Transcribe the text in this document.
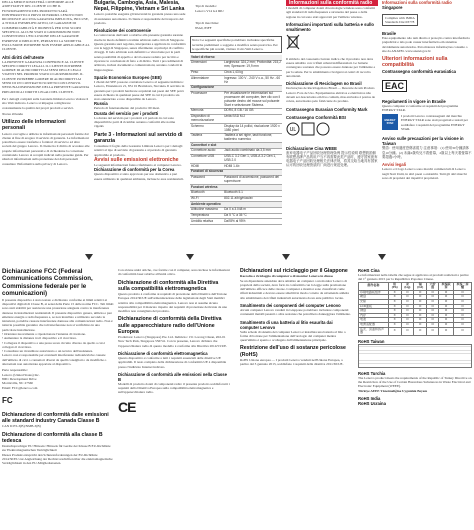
DELLA MERCE RISULTERÀ CONFORME ALLE ASPETTATIVE DEL CLIENTE O CHE IL FUNZIONAMENTO DEL PRODOTTO SARÀ ININTERROTTO O PRIVO DI ERRORI. LENOVO NON RICONOSCE ALCUNA GARANZIA IMPLICITA, INCLUSE, A TITOLO ESEMPLIFICATIVO, LE GARANZIE DI COMMERCIABILITÀ E IDONEITÀ PER UNO SCOPO SPECIFICO. ALCUNI STATI O GIURISDIZIONI NON CONSENTONO L'ESCLUSIONE DELLE GARANZIE ESPRESSE O IMPLICITE, PERTANTO LA SUDDETTA ESCLUSIONE POTREBBE NON ESSERE APPLICABILE AL CLIENTE.

Altri diritti dell'utente

LA PRESENTE GARANZIA CONFERISCE AL CLIENTE SPECIFICI DIRITTI LEGALI. IL CLIENTE POTREBBE GODERE DI ALTRI DIRITTI AI SENSI DELLE LEGGI VIGENTI NEL PROPRIO STATO O GIURISDIZIONE. IL CLIENTE POTREBBE GODERE DI ALTRI DIRITTI AI SENSI DI UN CONTRATTO SCRITTO CON LENOVO. NESSUNA DISPOSIZIONE DELLA PRESENTE GARANZIA PREGIUDICA I DIRITTI LEGALI DEL CLIENTE.

Per i dettagli completi sulla Garanzia limitata Lenovo visitare il sito Web indicato. Lenovo si impegna a migliorare costantemente la qualità dei propri prodotti e servizi.

Nuova Zelanda

Utilizzo delle informazioni personali

Lenovo raccoglie e utilizza le informazioni personali fornite dal cliente al fine di erogare il servizio di garanzia. Le informazioni potrebbero essere trasferite a fornitori di servizi e ad altre società del gruppo Lenovo. Il cliente ha il diritto di accedere alle proprie informazioni personali e di richiederne la correzione contattando Lenovo ai recapiti indicati nella presente guida. Per ulteriori informazioni sulla protezione dei dati personali consultare l'Informativa sulla privacy di Lenovo.

Bulgaria, Cambogia, Asia, Malesia, Nepal, Filippine, Vietnam e Sri Lanka

Lenovo potrebbe eseguire gli interventi in garanzia presso una sede di assistenza autorizzata. Il cliente è responsabile del trasporto del prodotto.

Risoluzione dei controversie

Le controversie derivanti o relative alla presente garanzia saranno risolte in modo definitivo tramite arbitrato nella città di Singapore. Questa garanzia sarà regolata, interpretata e applicata in conformità con le leggi di Singapore, senza riferimento ai principi di conflitto di leggi. Il lodo arbitrale sarà definitivo e vincolante per le parti senza possibilità di appello e dovrà essere redatto per iscritto e riportare le conclusioni di fatto e di diritto. Tutti i procedimenti di arbitrato, inclusi documenti e comunicazioni, saranno condotti in lingua inglese.

Spazio Economico Europeo (SEE)

I clienti del SEE possono contattare Lenovo al seguente indirizzo: Lenovo, Einsteinova 21, 851 01 Bratislava, Slovakia. Il servizio in garanzia per i prodotti hardware acquistati nei paesi del SEE potrà essere richiesto in qualsiasi paese del SEE in cui il prodotto sia stato annunciato e reso disponibile da Lenovo.

Russia

Periodo di funzionamento del prodotto: 60 mesi.

Durata del servizio per i prodotti

La durata del servizio per i prodotti e il periodo in cui sono disponibili le parti di ricambio saranno conformi alle norme vigenti.

Parte 3 - Informazioni sul servizio di garanzia

Consultare il foglio della Garanzia Limitata Lenovo per i dettagli relativi al tipo di servizio di garanzia e al periodo di garanzia applicabile al prodotto.

Avvisi sulle emissioni elettroniche

Le seguenti informazioni fanno riferimento ai computer Lenovo.

Dichiarazione di conformità per la Corea

Questo dispositivo è stato approvato per uso domestico e può essere utilizzato in qualsiasi ambiente, incluse le aree residenziali.

Tipi di modello:
Lenovo V14 G4 IRU

Tipi di macchina:
83A0, 83FF

Nota: Le seguenti specifiche potrebbero includere specifiche tecniche preliminari o soggette a modifica senza preavviso. Per le specifiche più recenti, visitare il sito Web Lenovo.

Valori di ritorno	
Dimensioni	Larghezza: 324,2 mm; Profondità: 215,2 mm; Spessore: 19,9 mm
Peso	Circa 1,43 kg
Alimentatore	Ingresso: 100 V - 240 V c.a., 50 Hz - 60 Hz
Configurazione	
Processore	Per visualizzare le informazioni sul processore del computer, fare clic con il pulsante destro del mouse sul pulsante Start e selezionare Sistema.
Memoria	DDR4, 8 GB / 16 GB
Dispositivo di memorizzazione	Unità SSD M.2
Schermo	Display da 14 pollici, risoluzione 1920 x 1080 pixel
Tastiera	Tastiera a sei righe, tasti funzione, tastierino numerico
Connettori e slot	
Connettore audio	Jack audio combinato da 3,5 mm
Connettore USB	USB-C 3.2 Gen 1, USB-A 3.2 Gen 1, USB 2.0
HDMI	HDMI 1.4b
Funzioni di sicurezza	
Password	Password di accensione, password del supervisore
Funzioni wireless	
Bluetooth	Bluetooth 5.1
Wi-Fi	802.11 a/b/g/n/ac/ax
Ambiente operativo	
Altitudine massima	Da 0 a 3.048 m
Temperatura	Da 5 °C a 35 °C
Umidità relativa	Dall'8% al 95%
Informazioni sulla conformità radio

I modelli di computer dotati di tecnologie wireless sono conformi agli standard di radiofrequenza e sicurezza del paese o della regione in cui sono stati approvati per l'utilizzo wireless.

Informazioni importanti sulla batteria e sullo smaltimento

Il simbolo del cassonetto barrato indica che il prodotto non deve essere smaltito con i rifiuti urbani indifferenziati. Le batterie contengono sostanze che possono essere dannose per l'ambiente e per la salute. Per lo smaltimento rivolgersi ai centri di raccolta autorizzati.

Dichiarazione di Reciclagem no Brasil

Declarações de Reciclagem no Brasil — Descarte de um Produto Lenovo Fora de Uso. Equipamentos elétricos e eletrônicos não devem ser descartados em lixo comum, mas enviados à pontos de coleta, autorizados pelo fabricante do produto.

Contrassegno Eurasian Conformity Mark

Contrassegno Conformità BSI

UL

Dichiarazione Cina WEEE

废弃电器电子产品回收处理管理条例 提示性说明 联想鼓励拥有联想品牌产品的用户当不再需要此类产品时，遵守国家废弃电器电子产品回收处理相关法律法规，将其交给当地具有国家认可的回收处理资质的厂商进行规范处理。

Informazioni sulla conformità radio

Singapore

Complies with IMDA Standards DA103778

Brasile

Este equipamento não tem direito à proteção contra interferência prejudicial e não pode causar interferência em sistemas devidamente autorizados. Para maiores informações consulte o site da ANATEL www.anatel.gov.br

Ulteriori informazioni sulla compatibilità

Contrassegno conformità eurasiatica

EAC

Regolamenti in vigore in Brasile

Questo computer è conforme ai requisiti del programma ENERGY STAR.

ENERGY STAR

I prodotti Lenovo contrassegnati dal marchio ENERGY STAR sono stati progettati e testati per soddisfare i requisiti del programma ENERGY STAR.

Avviso sulle precauzioni per la visione in Taiwan

警語：使用過度恐傷害視力 注意事項：(1) 使用30分鐘請休息10分鐘。(2) 未滿2歲幼兒不看螢幕，2歲以上每天看螢幕不要超過1小時。

Avvisi legali

Lenovo e il logo Lenovo sono marchi commerciali di Lenovo negli Stati Uniti, in altri paesi o entrambi. Tutti gli altri marchi sono di proprietà dei rispettivi proprietari.

Dichiarazione FCC (Federal Communications Commission, Commissione federale per le comunicazioni)

Il presente dispositivo è stato testato e dichiarato conforme ai limiti relativi ai dispositivi digitali di Classe B, ai sensi della Parte 15 delle norme FCC. Tali limiti sono stati stabiliti per assicurare una protezione adeguata contro le interferenze dannose in installazioni residenziali. Il presente dispositivo genera, utilizza e può emettere energia a radiofrequenza e, se non installato e utilizzato secondo le istruzioni, potrebbe causare interferenze dannose alle comunicazioni radio. Non è tuttavia possibile garantire che tali interferenze non si verifichino in una particolare installazione.

• Orientare nuovamente o riposizionare l'antenna di ricezione.
• Aumentare la distanza tra il dispositivo e il ricevitore.
• Collegare il dispositivo a una presa su un circuito diverso da quello a cui è collegato il ricevitore.
• Consultare un rivenditore autorizzato o un tecnico dell'assistenza.

Lenovo non è responsabile per eventuali interferenze radiotelevisive causate dall'utilizzo di cavi o connettori diversi da quelli consigliati o da modifiche o alterazioni non autorizzate apportate al dispositivo.

Parte responsabile:
Lenovo (United States) Inc.
8001 Development Drive
Morrisville, NC 27560
Email: FCC@lenovo.com

FC

Dichiarazione di conformità dalle emissioni alle standard industry Canada Classe B

CAN ICES-3(B)/NMB-3(B)

Dichiarazione di conformità alla classe B tedesca

Deutschsprachiger EU Hinweis: Hinweis für Geräte der Klasse B EU-Richtlinie zur Elektromagnetischen Verträglichkeit

Dieses Produkt entspricht den Schutzanforderungen der EU-Richtlinie 2014/30/EU zur Angleichung der Rechtsvorschriften über die elektromagnetische Verträglichkeit in den EU-Mitgliedsstaaten.

Con alcune unità ottiche, ove fornite con il computer, sono incluse le informazioni di conformità laser relative all'unità ottica.

Dichiarazione di conformità alla Direttiva sulla compatibilità elettromagnetica

Questo prodotto è conforme ai requisiti di protezione della Direttiva dell'Unione Europea 2014/30/UE sull'armonizzazione delle legislazioni degli Stati membri relative alla compatibilità elettromagnetica. Lenovo non si assume alcuna responsabilità per il mancato rispetto dei requisiti di protezione derivante da una modifica non consigliata del prodotto.

Dichiarazione di conformità della Direttiva sulle apparecchiature radio dell'Unione Europea

Produttore: Lenovo (Singapore) Pte. Ltd. Indirizzo: 151 Lorong Chuan, #02-01 New Tech Park, Singapore 556741. Con la presente, Lenovo dichiara che l'apparecchiatura radio di questo modello è conforme alla Direttiva 2014/53/UE.

Dichiarazione di conformità elettromagnetica

Questo dispositivo è conforme a tutti i requisiti essenziali delle direttive UE applicabili. Il testo completo della dichiarazione di conformità UE è disponibile presso l'indirizzo Internet indicato.

Dichiarazione di conformità alle emissioni nella Classe B

Modelli di prodotto dotati di componenti radio: il presente prodotto soddisfa tutti i requisiti della Direttiva Europea sulla compatibilità elettromagnetica e sull'apparecchiatura radio.

CE

Dichiarazioni sul riciclaggio per il Giappone

Raccolta e riciclaggio di computer o di monitor Lenovo in disuso

Se un dipendente aziendale deve smaltire un computer o un monitor Lenovo di proprietà della società, deve farlo in conformità con la legge sulla promozione dell'utilizzo efficace delle risorse. Computer e monitor sono classificati come rifiuti industriali e devono essere smaltiti in modo corretto da un'azienda addetta allo smaltimento dei rifiuti industriali autorizzata da un ente pubblico locale.

Smaltimento dei componenti del computer Lenovo

Alcuni computer Lenovo venduti in Giappone potrebbero includere componenti contenenti metalli pesanti o altre sostanze che potrebbero danneggiare l'ambiente.

Smaltimento di una batteria al litio esaurita dai computer Lenovo

Sulla scheda di sistema del computer Lenovo è installata una batteria al litio a forma di bottone per l'alimentazione dell'orologio del computer mentre quest'ultimo è spento o scollegato dall'alimentazione principale.

Restrizione dell'uso di sostanze pericolose (RoHS)

RoHS Unione europea — I prodotti Lenovo venduti nell'Unione Europea, a partire dal 3 gennaio 2013, soddisfano i requisiti della direttiva 2011/65/UE.

RoHS Cina

Le informazioni nella tabella che segue si applicano ai prodotti realizzati a partire dal 1° gennaio 2015 per la Repubblica Popolare Cinese.

部件名称	铅 (Pb)	汞 (Hg)	镉 (Cd)	六价铬	多溴联苯	多溴二苯醚
印刷电路板组件	X	O	O	O	O	O
硬盘	X	O	O	O	O	O
光驱	X	O	O	O	O	O
LCD面板	X	O	O	O	O	O
键盘	X	O	O	O	O	O
内存	X	O	O	O	O	O
电池	X	O	O	O	O	O
电源适配器	X	O	O	O	O	O
底壳、顶盖和扬声器	X	O	O	O	O	O

RoHS Taiwan

RoHS Turchia

The Lenovo product meets the requirements of the Republic of Turkey Directive on the Restriction of the Use of Certain Hazardous Substances in Waste Electrical and Electronic Equipment (WEEE).

Türkiye AEEE Yönetmeliğine Uygunluk Beyanı

RoHS India

RoHS Ucraina
